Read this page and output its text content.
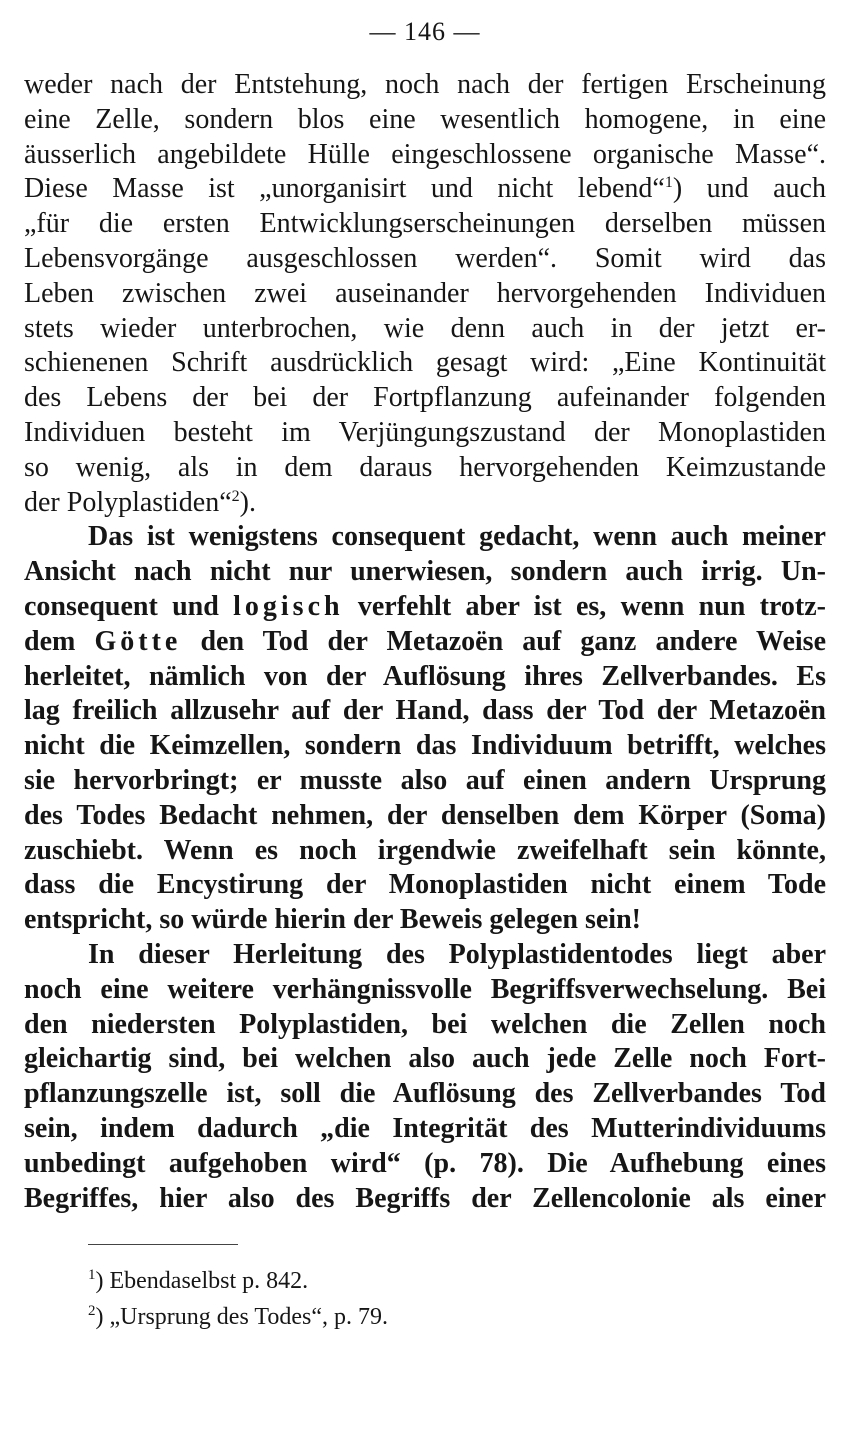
— 146 —

weder nach der Entstehung, noch nach der fertigen Erscheinung
eine Zelle, sondern blos eine wesentlich homogene, in eine
äusserlich angebildete Hülle eingeschlossene organische Masse“.
Diese Masse ist „unorganisirt und nicht lebend“$^1$) und auch
„für die ersten Entwicklungserscheinungen derselben müssen
Lebensvorgänge ausgeschlossen werden“. Somit wird das
Leben zwischen zwei auseinander hervorgehenden Individuen
stets wieder unterbrochen, wie denn auch in der jetzt er-
schienenen Schrift ausdrücklich gesagt wird: „Eine Kontinuität
des Lebens der bei der Fortpflanzung aufeinander folgenden
Individuen besteht im Verjüngungszustand der Monoplastiden
so wenig, als in dem daraus hervorgehenden Keimzustande
der Polyplastiden“$^2$).

Das ist wenigstens consequent gedacht, wenn auch meiner
Ansicht nach nicht nur unerwiesen, sondern auch irrig. Un-
consequent und logisch verfehlt aber ist es, wenn nun trotz-
dem Götte den Tod der Metazoën auf ganz andere Weise
herleitet, nämlich von der Auflösung ihres Zellverbandes. Es
lag freilich allzusehr auf der Hand, dass der Tod der Metazoën
nicht die Keimzellen, sondern das Individuum betrifft, welches
sie hervorbringt; er musste also auf einen andern Ursprung
des Todes Bedacht nehmen, der denselben dem Körper (Soma)
zuschiebt. Wenn es noch irgendwie zweifelhaft sein könnte,
dass die Encystirung der Monoplastiden nicht einem Tode
entspricht, so würde hierin der Beweis gelegen sein!

In dieser Herleitung des Polyplastidentodes liegt aber
noch eine weitere verhängnissvolle Begriffsverwechselung. Bei
den niedersten Polyplastiden, bei welchen die Zellen noch
gleichartig sind, bei welchen also auch jede Zelle noch Fort-
pflanzungszelle ist, soll die Auflösung des Zellverbandes Tod
sein, indem dadurch „die Integrität des Mutterindividuums
unbedingt aufgehoben wird“ (p. 78). Die Aufhebung eines
Begriffes, hier also des Begriffs der Zellencolonie als einer

$^1$) Ebendaselbst p. 842.
$^2$) „Ursprung des Todes“, p. 79.
